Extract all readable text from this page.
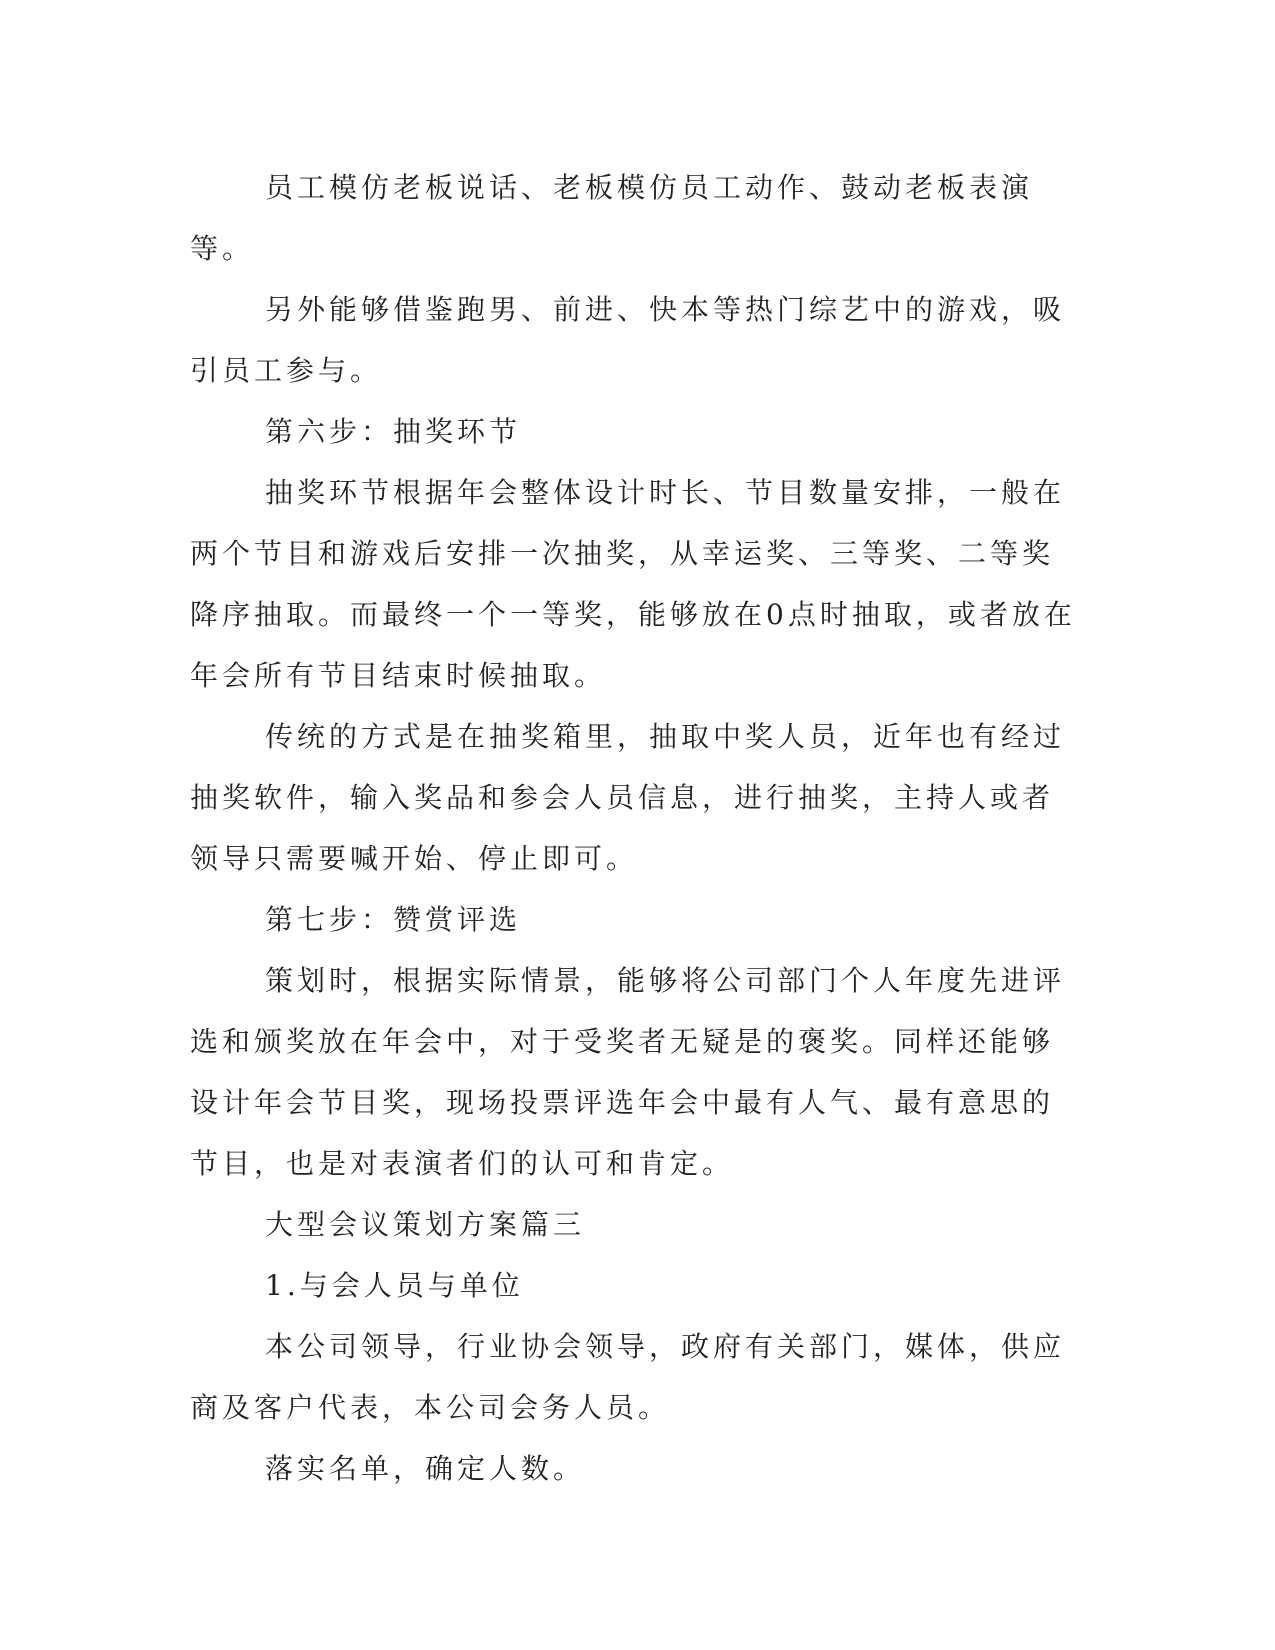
员工模仿老板说话、老板模仿员工动作、鼓动老板表演等。

另外能够借鉴跑男、前进、快本等热门综艺中的游戏，吸引员工参与。

第六步：抽奖环节

抽奖环节根据年会整体设计时长、节目数量安排，一般在两个节目和游戏后安排一次抽奖，从幸运奖、三等奖、二等奖降序抽取。而最终一个一等奖，能够放在0点时抽取，或者放在年会所有节目结束时候抽取。

传统的方式是在抽奖箱里，抽取中奖人员，近年也有经过抽奖软件，输入奖品和参会人员信息，进行抽奖，主持人或者领导只需要喊开始、停止即可。

第七步：赞赏评选

策划时，根据实际情景，能够将公司部门个人年度先进评选和颁奖放在年会中，对于受奖者无疑是的褒奖。同样还能够设计年会节目奖，现场投票评选年会中最有人气、最有意思的节目，也是对表演者们的认可和肯定。

大型会议策划方案篇三

1.与会人员与单位

本公司领导，行业协会领导，政府有关部门，媒体，供应商及客户代表，本公司会务人员。

落实名单，确定人数。
